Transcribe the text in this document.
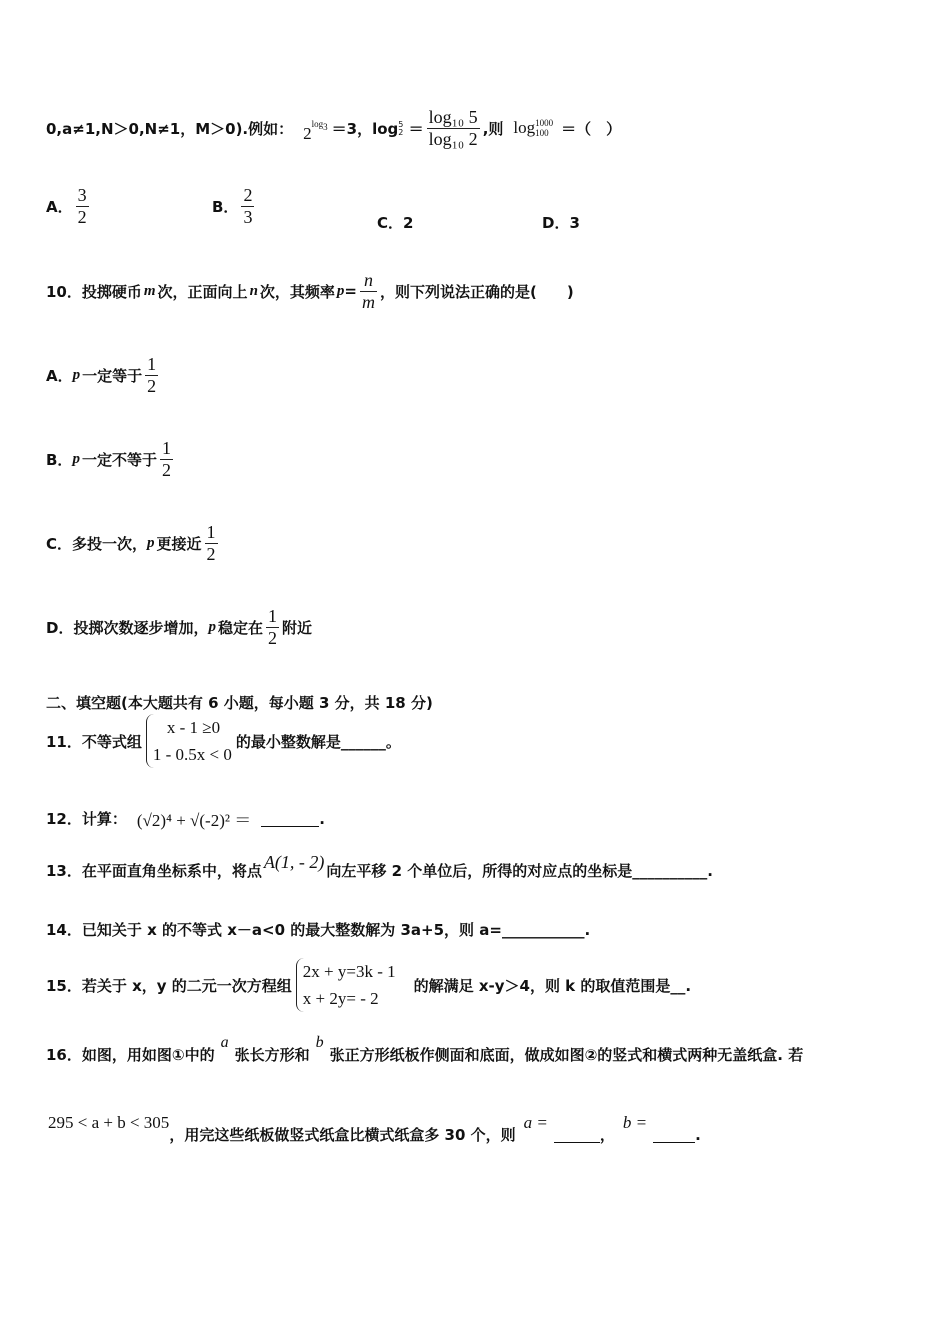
0,a≠1,N＞0,N≠1，M＞0).例如： $2^{log_3} =3$， log 5
$2 = \frac{\text{log₁₀ 5}}{\text{log₁₀ 2}}$ ,则 log 1000
100 ＝（　）
A． $\frac{3}{2}$	B． $\frac{2}{3}$	C．2	D．3
10．投掷硬币 m 次，正面向上 n 次，其频率 $p = \frac{n}{m}$ ，则下列说法正确的是(　　)
A． p 一定等于 $\frac{1}{2}$
B． p 一定不等于 $\frac{1}{2}$
C．多投一次， p 更接近 $\frac{1}{2}$
D．投掷次数逐步增加， p 稳定在 $\frac{1}{2}$ 附近
二、填空题(本大题共有 6 小题，每小题 3 分，共 18 分)
11．不等式组
x - 1 ≥0
1 - 0.5x < 0
的最小整数解是______。
12．计算： (√2)⁴ + √(-2)² ＝	.
13．在平面直角坐标系中，将点 A(1, - 2) 向左平移 2 个单位后，所得的对应点的坐标是__________.
14．已知关于 x 的不等式 x－a<0 的最大整数解为 3a+5，则 a=___________.
15．若关于 x，y 的二元一次方程组
2x + y=3k - 1
x + 2y= - 2
的解满足 x-y＞4，则 k 的取值范围是__.
16．如图，用如图①中的
a
张长方形和
b
张正方形纸板作侧面和底面，做成如图②的竖式和横式两种无盖纸盒. 若
295 < a + b < 305
，用完这些纸板做竖式纸盒比横式纸盒多 30 个，则
a =
，
b =
.
